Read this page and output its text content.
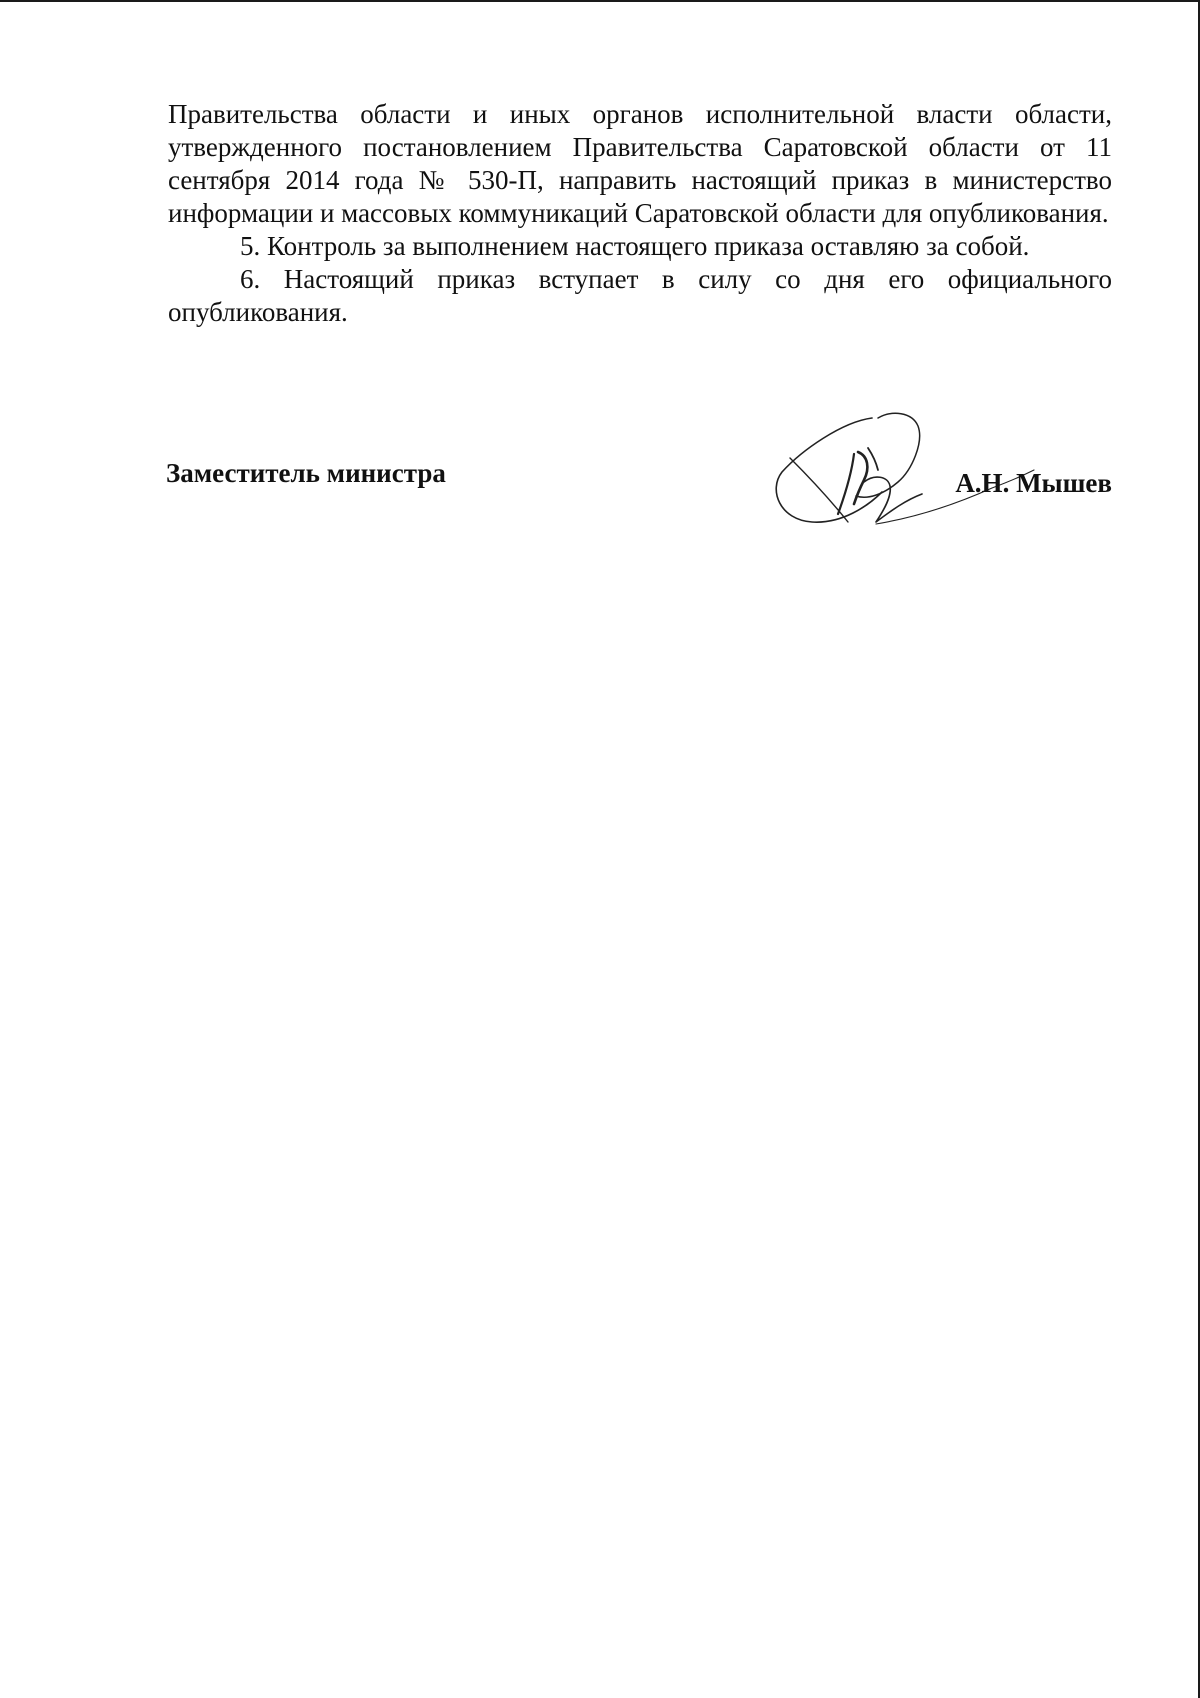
Правительства области и иных органов исполнительной власти области, утвержденного постановлением Правительства Саратовской области от 11 сентября 2014 года № 530-П, направить настоящий приказ в министерство информации и массовых коммуникаций Саратовской области для опубликования.

5. Контроль за выполнением настоящего приказа оставляю за собой.

6. Настоящий приказ вступает в силу со дня его официального опубликования.

Заместитель министра	А.Н. Мышев
